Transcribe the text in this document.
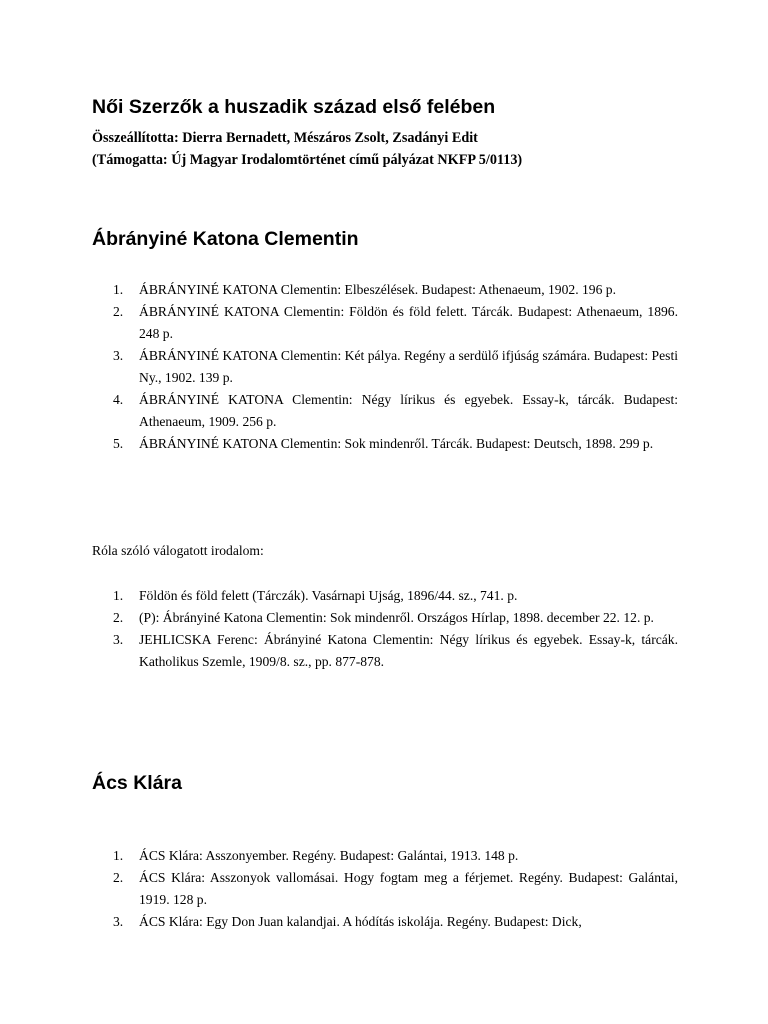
Női Szerzők a huszadik század első felében
Összeállította: Dierra Bernadett, Mészáros Zsolt, Zsadányi Edit
(Támogatta: Új Magyar Irodalomtörténet című pályázat NKFP 5/0113)
Ábrányiné Katona Clementin
1. ÁBRÁNYINÉ KATONA Clementin: Elbeszélések. Budapest: Athenaeum, 1902. 196 p.
2. ÁBRÁNYINÉ KATONA Clementin: Földön és föld felett. Tárcák. Budapest: Athenaeum, 1896. 248 p.
3. ÁBRÁNYINÉ KATONA Clementin: Két pálya. Regény a serdülő ifjúság számára. Budapest: Pesti Ny., 1902. 139 p.
4. ÁBRÁNYINÉ KATONA Clementin: Négy lírikus és egyebek. Essay-k, tárcák. Budapest: Athenaeum, 1909. 256 p.
5. ÁBRÁNYINÉ KATONA Clementin: Sok mindenről. Tárcák. Budapest: Deutsch, 1898. 299 p.
Róla szóló válogatott irodalom:
1. Földön és föld felett (Tárczák). Vasárnapi Ujság, 1896/44. sz., 741. p.
2. (P): Ábrányiné Katona Clementin: Sok mindenről. Országos Hírlap, 1898. december 22. 12. p.
3. JEHLICSKA Ferenc: Ábrányiné Katona Clementin: Négy lírikus és egyebek. Essay-k, tárcák. Katholikus Szemle, 1909/8. sz., pp. 877-878.
Ács Klára
1. ÁCS Klára: Asszonyember. Regény. Budapest: Galántai, 1913. 148 p.
2. ÁCS Klára: Asszonyok vallomásai. Hogy fogtam meg a férjemet. Regény. Budapest: Galántai, 1919. 128 p.
3. ÁCS Klára: Egy Don Juan kalandjai. A hódítás iskolája. Regény. Budapest: Dick,
